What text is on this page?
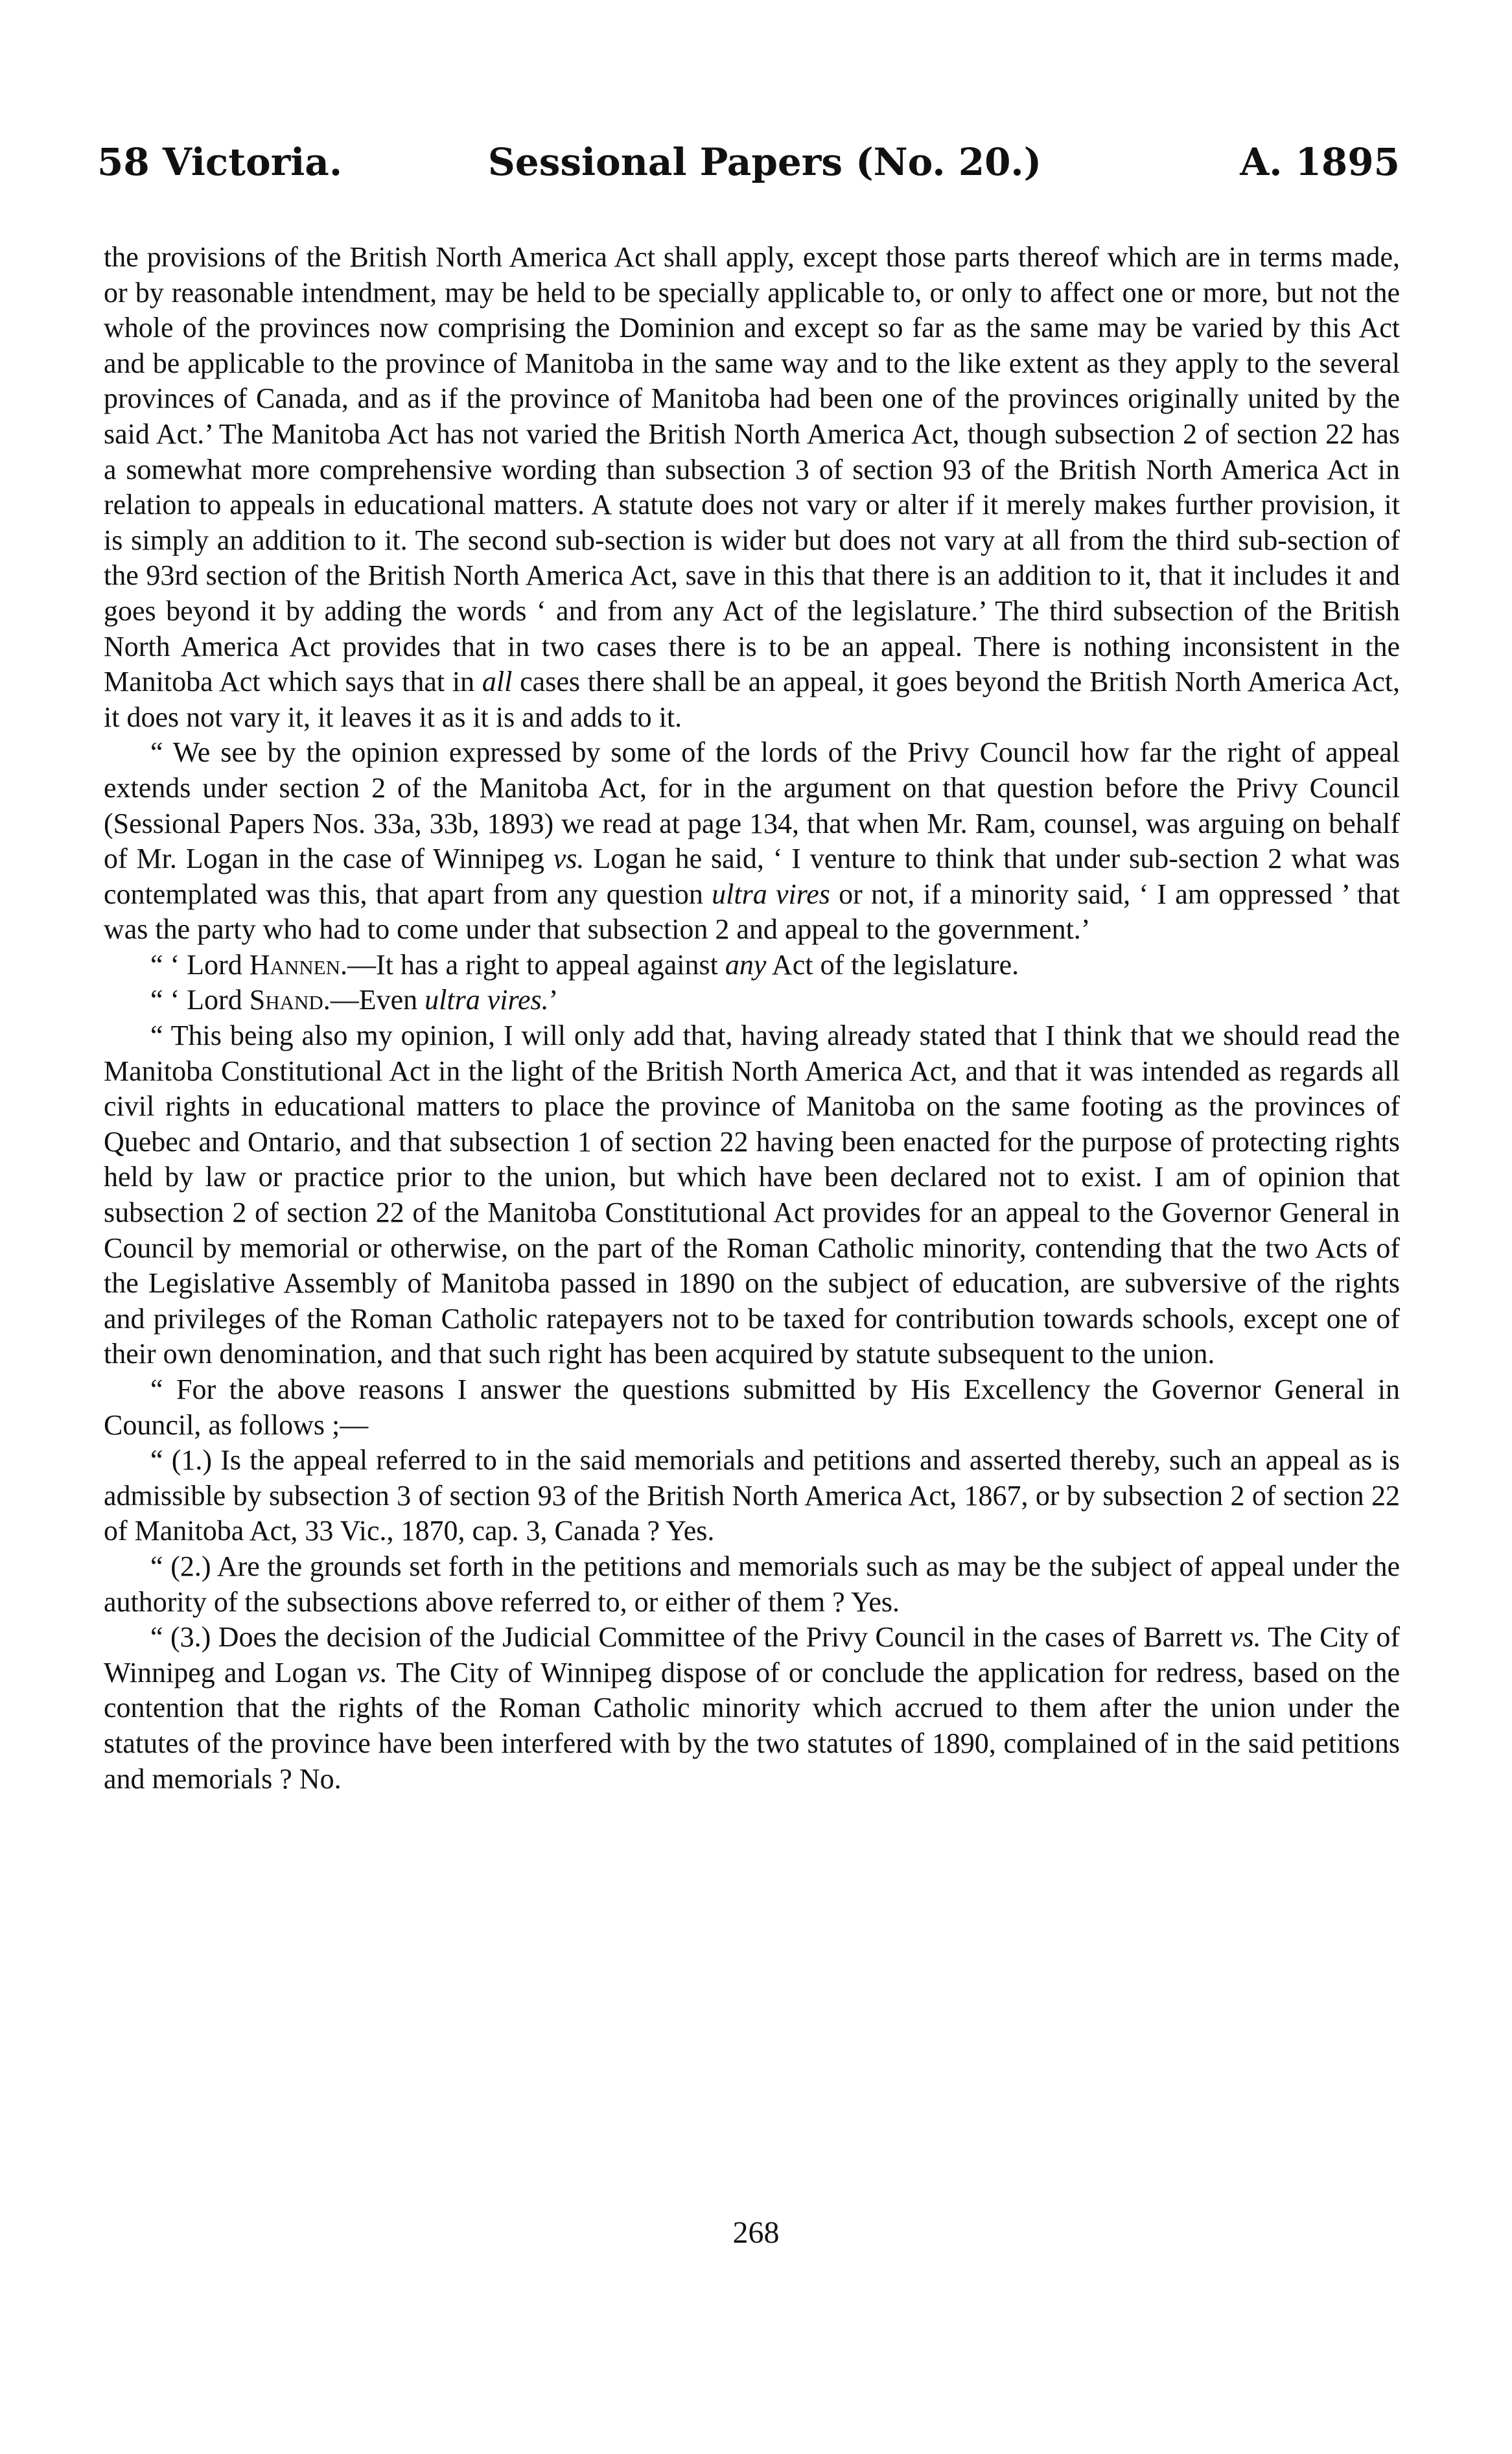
58 Victoria.	Sessional Papers (No. 20.)	A. 1895

the provisions of the British North America Act shall apply, except those parts thereof which are in terms made, or by reasonable intendment, may be held to be specially applicable to, or only to affect one or more, but not the whole of the provinces now comprising the Dominion and except so far as the same may be varied by this Act and be applicable to the province of Manitoba in the same way and to the like extent as they apply to the several provinces of Canada, and as if the province of Manitoba had been one of the provinces originally united by the said Act.’ The Manitoba Act has not varied the British North America Act, though subsection 2 of section 22 has a somewhat more comprehensive wording than subsection 3 of section 93 of the British North America Act in relation to appeals in educational matters. A statute does not vary or alter if it merely makes further provision, it is simply an addition to it. The second sub-section is wider but does not vary at all from the third sub-section of the 93rd section of the British North America Act, save in this that there is an addition to it, that it includes it and goes beyond it by adding the words ‘ and from any Act of the legislature.’ The third subsection of the British North America Act provides that in two cases there is to be an appeal. There is nothing inconsistent in the Manitoba Act which says that in all cases there shall be an appeal, it goes beyond the British North America Act, it does not vary it, it leaves it as it is and adds to it.

“ We see by the opinion expressed by some of the lords of the Privy Council how far the right of appeal extends under section 2 of the Manitoba Act, for in the argument on that question before the Privy Council (Sessional Papers Nos. 33a, 33b, 1893) we read at page 134, that when Mr. Ram, counsel, was arguing on behalf of Mr. Logan in the case of Winnipeg vs. Logan he said, ‘ I venture to think that under sub-section 2 what was contemplated was this, that apart from any question ultra vires or not, if a minority said, ‘ I am oppressed ’ that was the party who had to come under that subsection 2 and appeal to the government.’

“ ‘ Lord Hannen.—It has a right to appeal against any Act of the legislature.

“ ‘ Lord Shand.—Even ultra vires.’

“ This being also my opinion, I will only add that, having already stated that I think that we should read the Manitoba Constitutional Act in the light of the British North America Act, and that it was intended as regards all civil rights in educational matters to place the province of Manitoba on the same footing as the provinces of Quebec and Ontario, and that subsection 1 of section 22 having been enacted for the purpose of protecting rights held by law or practice prior to the union, but which have been declared not to exist. I am of opinion that subsection 2 of section 22 of the Manitoba Constitutional Act provides for an appeal to the Governor General in Council by memorial or otherwise, on the part of the Roman Catholic minority, contending that the two Acts of the Legislative Assembly of Manitoba passed in 1890 on the subject of education, are subversive of the rights and privileges of the Roman Catholic ratepayers not to be taxed for contribution towards schools, except one of their own denomination, and that such right has been acquired by statute subsequent to the union.

“ For the above reasons I answer the questions submitted by His Excellency the Governor General in Council, as follows ;—

“ (1.) Is the appeal referred to in the said memorials and petitions and asserted thereby, such an appeal as is admissible by subsection 3 of section 93 of the British North America Act, 1867, or by subsection 2 of section 22 of Manitoba Act, 33 Vic., 1870, cap. 3, Canada ? Yes.

“ (2.) Are the grounds set forth in the petitions and memorials such as may be the subject of appeal under the authority of the subsections above referred to, or either of them ? Yes.

“ (3.) Does the decision of the Judicial Committee of the Privy Council in the cases of Barrett vs. The City of Winnipeg and Logan vs. The City of Winnipeg dispose of or conclude the application for redress, based on the contention that the rights of the Roman Catholic minority which accrued to them after the union under the statutes of the province have been interfered with by the two statutes of 1890, complained of in the said petitions and memorials ? No.

268
